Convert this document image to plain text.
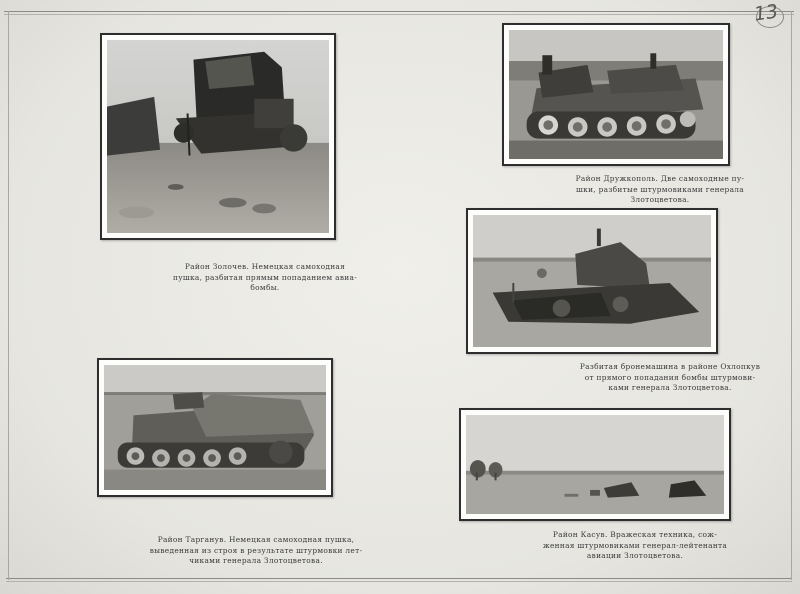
13
Район Золочев. Немецкая самоходная
пушка, разбитая прямым попаданием авиа-
бомбы.
Район Дружкополь. Две самоходные пу-
шки, разбитые штурмовиками генерала
Злотоцветова.
Разбитая бронемашина в районе Охлопкув
от прямого попадания бомбы штурмови-
ками генерала Злотоцветова.
Район Тарганув. Немецкая самоходная пушка,
выведенная из строя в результате штурмовки лет-
чиками генерала Злотоцветова.
Район Касув. Вражеская техника, сож-
женная штурмовиками генерал-лейтенанта
авиации Злотоцветова.
